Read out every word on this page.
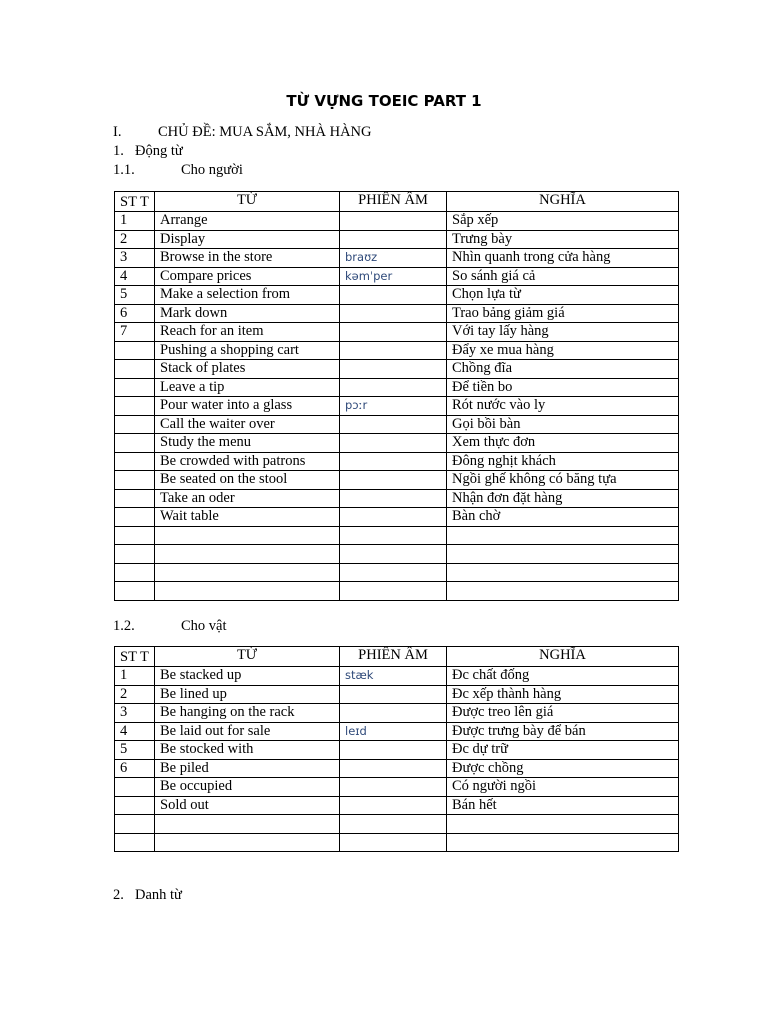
TỪ VỰNG TOEIC PART 1
I.	CHỦ ĐỀ: MUA SẮM, NHÀ HÀNG
1. Động từ
1.1.	Cho người
ST T	TỪ	PHIÊN ÂM	NGHĨA
1	Arrange		Sắp xếp
2	Display		Trưng bày
3	Browse in the store	braʊz	Nhìn quanh trong cửa hàng
4	Compare prices	kəmˈper	So sánh giá cả
5	Make a selection from		Chọn lựa từ
6	Mark down		Trao bảng giảm giá
7	Reach for an item		Với tay lấy hàng
	Pushing a shopping cart		Đẩy xe mua hàng
	Stack of plates		Chồng đĩa
	Leave a tip		Để tiền bo
	Pour water into a glass	pɔːr	Rót nước vào ly
	Call the waiter over		Gọi bồi bàn
	Study the menu		Xem thực đơn
	Be crowded with patrons		Đông nghịt khách
	Be seated on the stool		Ngồi ghế không có băng tựa
	Take an oder		Nhận đơn đặt hàng
	Wait table		Bàn chờ

1.2.	Cho vật
ST T	TỪ	PHIÊN ÂM	NGHĨA
1	Be stacked up	stæk	Đc chất đống
2	Be lined up		Đc xếp thành hàng
3	Be hanging on the rack		Được treo lên giá
4	Be laid out for sale	leɪd	Được trưng bày để bán
5	Be stocked with		Đc dự trữ
6	Be piled		Được chồng
	Be occupied		Có người ngồi
	Sold out		Bán hết

2. Danh từ
